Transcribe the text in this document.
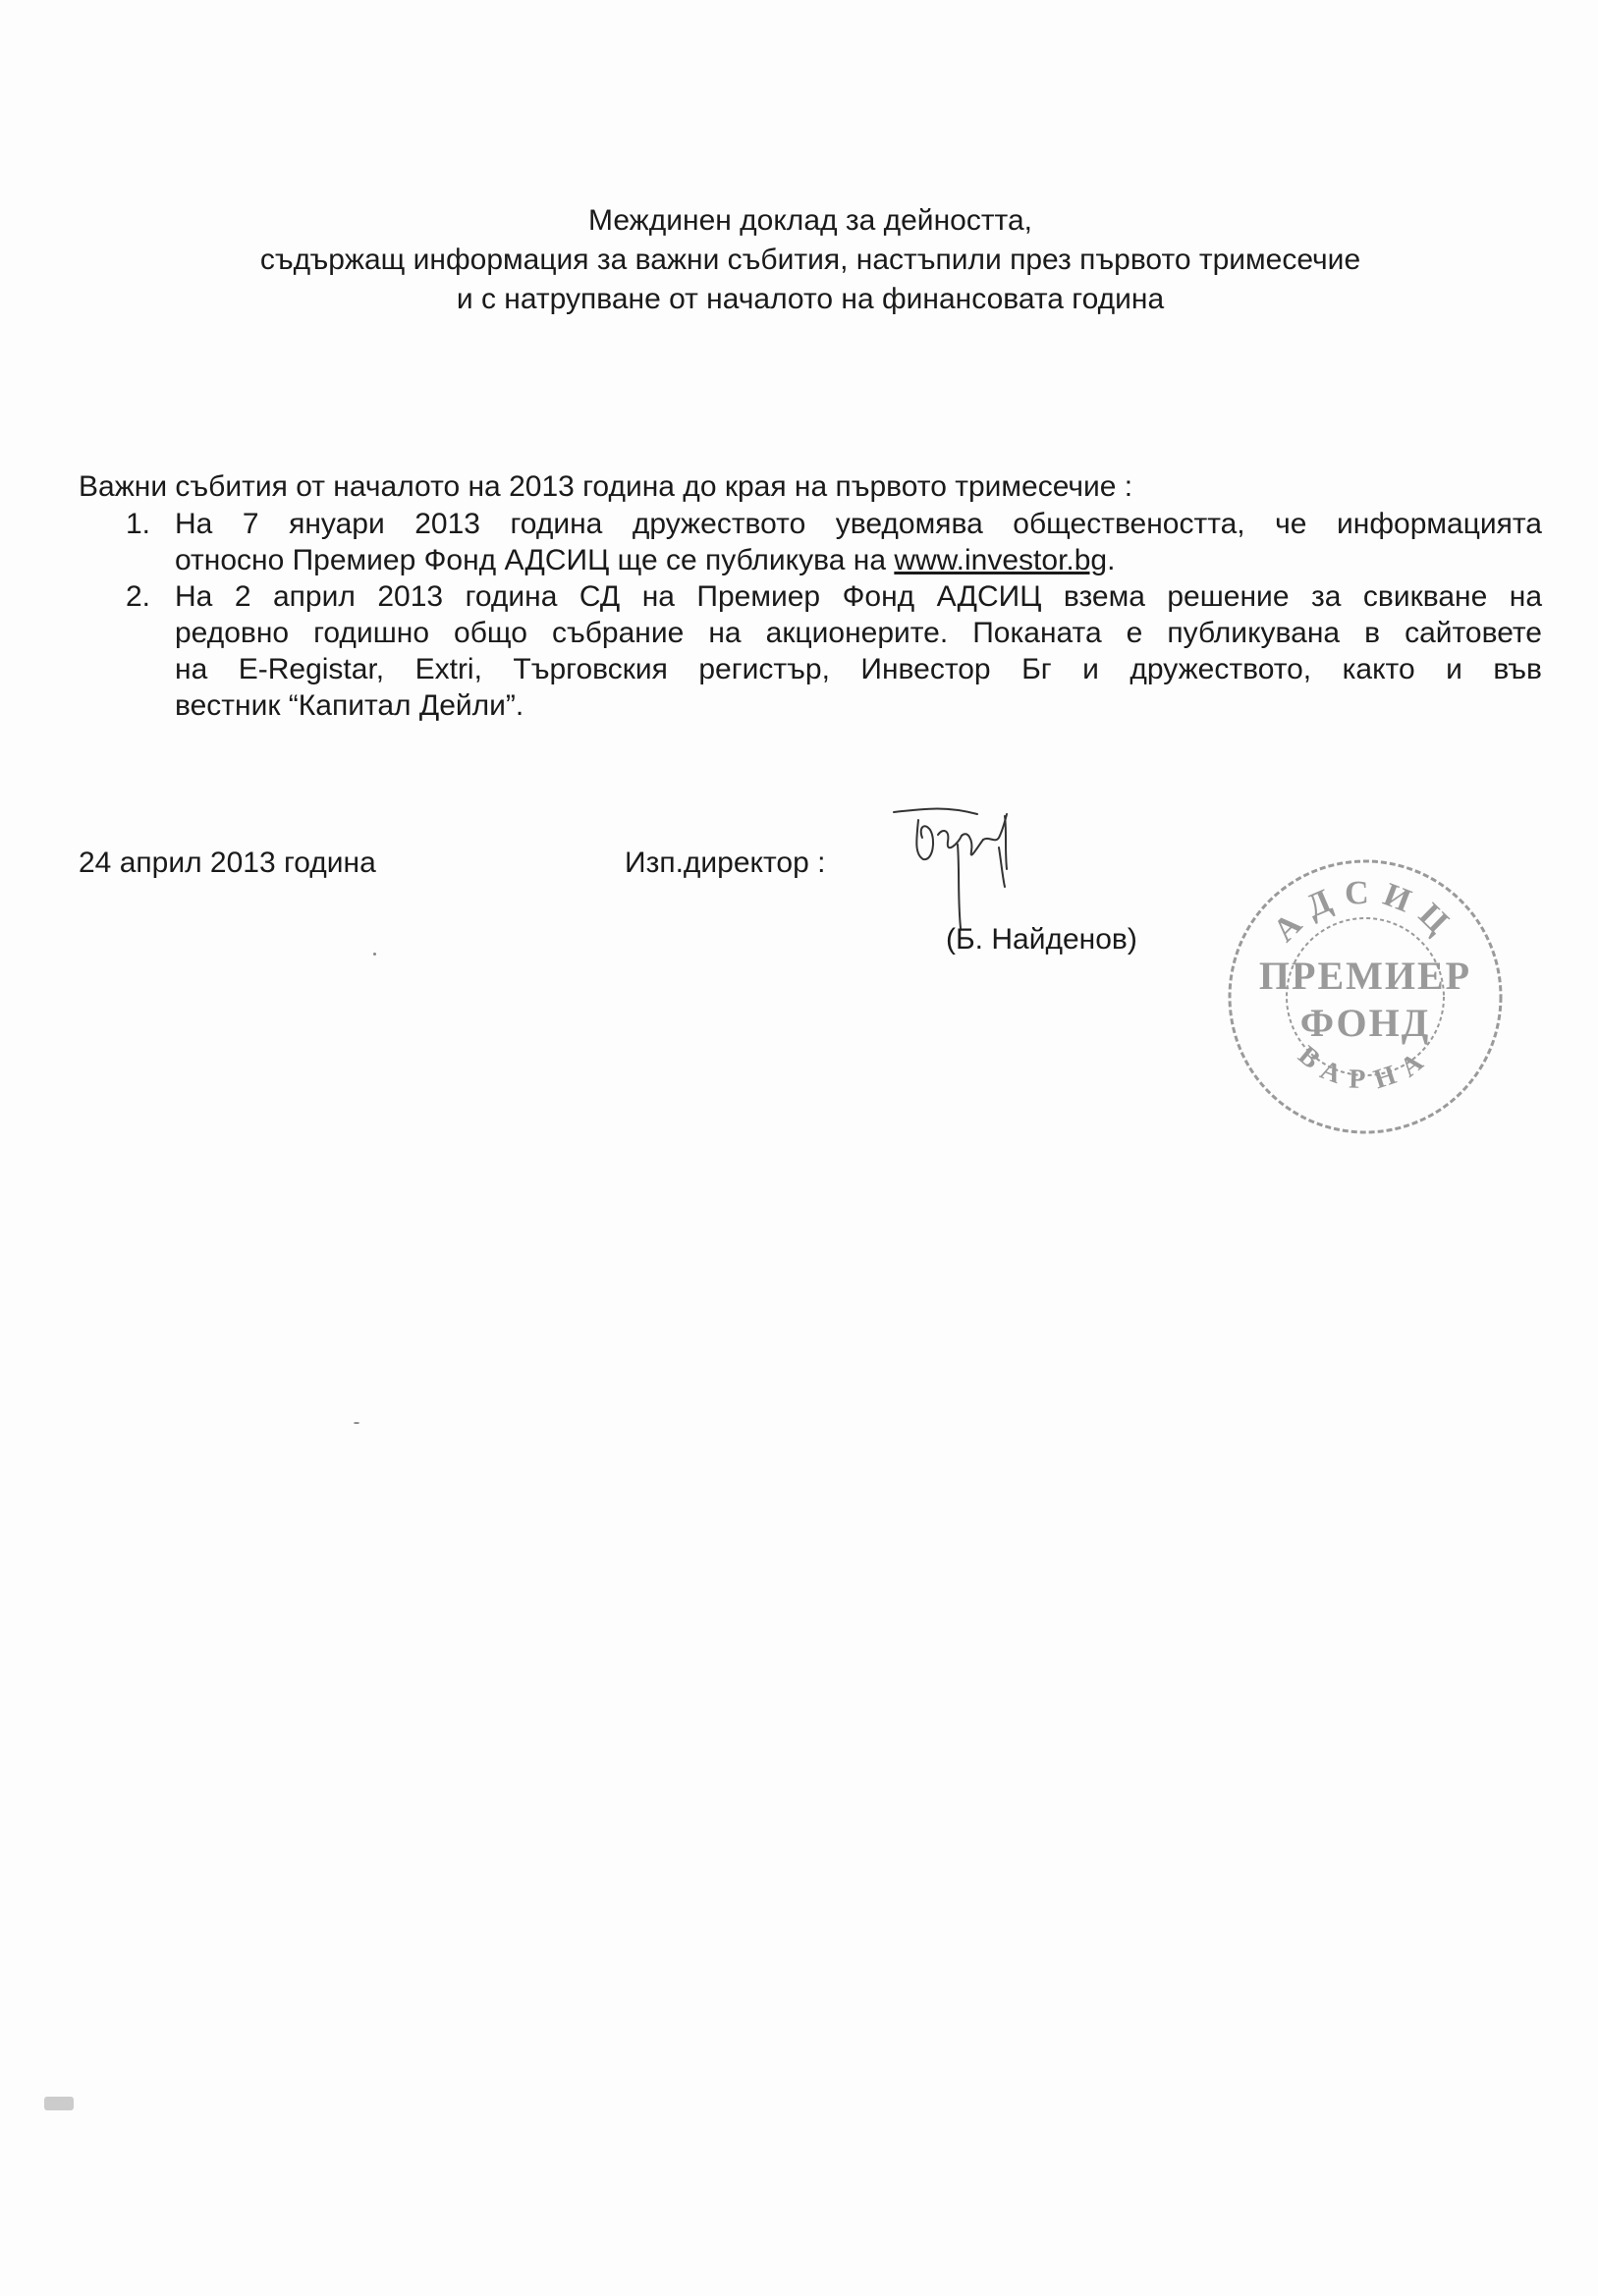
Междинен доклад за дейността,
съдържащ информация за важни събития, настъпили през първото тримесечие
и с натрупване от началото на финансовата година
Важни събития от началото на 2013 година до края на първото тримесечие :
1. На 7 януари 2013 година дружеството уведомява обществеността, че информацията
относно Премиер Фонд АДСИЦ ще се публикува на www.investor.bg.
2. На 2 април 2013 година СД на Премиер Фонд АДСИЦ взема решение за свикване на
редовно годишно общо събрание на акционерите. Поканата е публикувана в сайтовете
на E-Registar, Extri, Търговския регистър, Инвестор Бг и дружеството, както и във
вестник “Капитал Дейли”.
24 април 2013 година	Изп.директор :
(Б. Найденов)	АДСИЦ
ПРЕМИЕР
ФОНД
ВАРНА
